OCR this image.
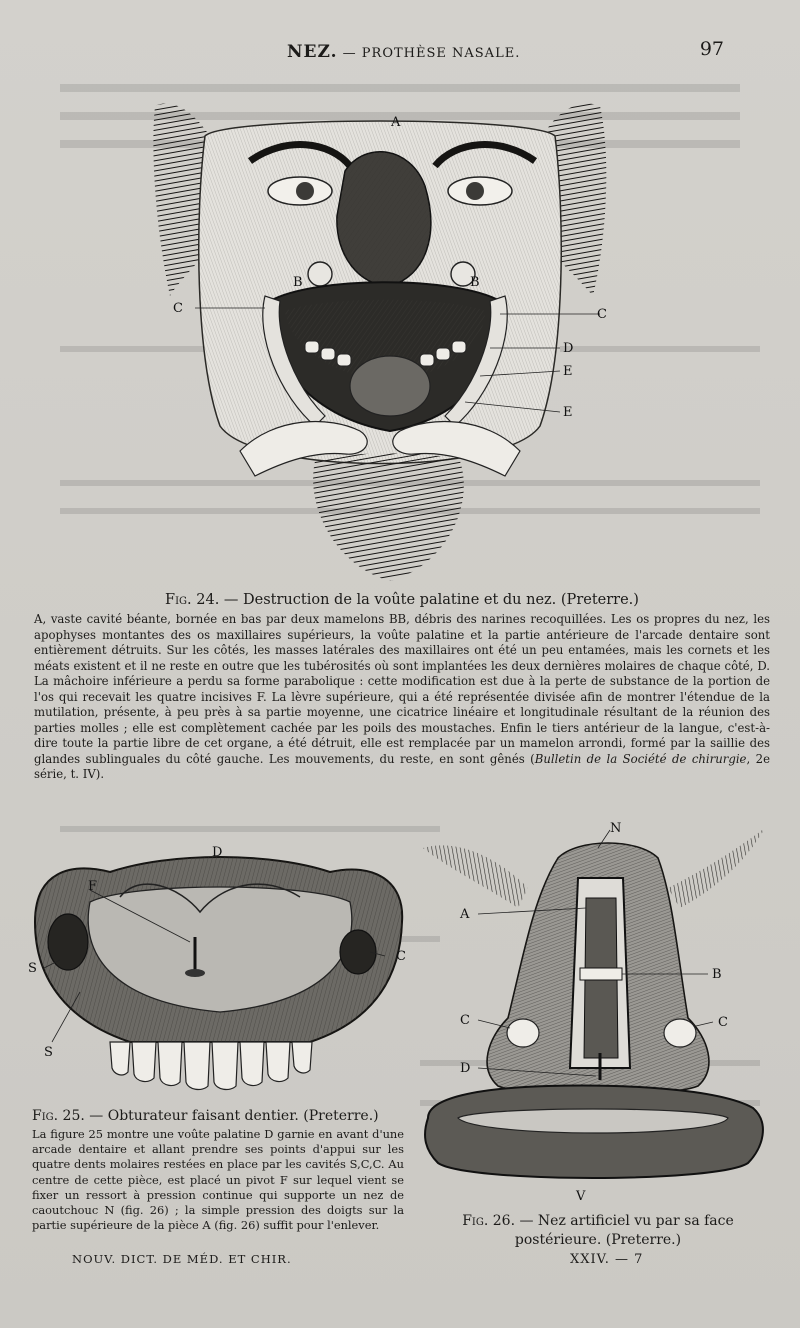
NEZ. — PROTHÈSE NASALE.	97
A
B	B
C	C
D
E
E
Fig. 24. — Destruction de la voûte palatine et du nez. (Preterre.)
A, vaste cavité béante, bornée en bas par deux mamelons BB, débris des narines recoquillées. Les os propres du nez, les apophyses montantes des os maxillaires supérieurs, la voûte palatine et la partie antérieure de l'arcade dentaire sont entièrement détruits. Sur les côtés, les masses latérales des maxillaires ont été un peu entamées, mais les cornets et les méats existent et il ne reste en outre que les tubérosités où sont implantées les deux dernières molaires de chaque côté, D. La mâchoire inférieure a perdu sa forme parabolique : cette modification est due à la perte de substance de la portion de l'os qui recevait les quatre incisives F. La lèvre supérieure, qui a été représentée divisée afin de montrer l'étendue de la mutilation, présente, à peu près à sa partie moyenne, une cicatrice linéaire et longitudinale résultant de la réunion des parties molles ; elle est complètement cachée par les poils des moustaches. Enfin le tiers antérieur de la langue, c'est-à-dire toute la partie libre de cet organe, a été détruit, elle est remplacée par un mamelon arrondi, formé par la saillie des glandes sublinguales du côté gauche. Les mouvements, du reste, en sont gênés (Bulletin de la Société de chirurgie, 2e série, t. IV).
D
F
S
C
S
Fig. 25. — Obturateur faisant dentier. (Preterre.)
La figure 25 montre une voûte palatine D garnie en avant d'une arcade dentaire et allant prendre ses points d'appui sur les quatre dents molaires restées en place par les cavités S,C,C. Au centre de cette pièce, est placé un pivot F sur lequel vient se fixer un ressort à pression continue qui supporte un nez de caoutchouc N (fig. 26) ; la simple pression des doigts sur la partie supérieure de la pièce A (fig. 26) suffit pour l'enlever.
N
A
B
C	C
D
V
Fig. 26. — Nez artificiel vu par sa face postérieure. (Preterre.)
NOUV. DICT. DE MÉD. ET CHIR.	XXIV. — 7
